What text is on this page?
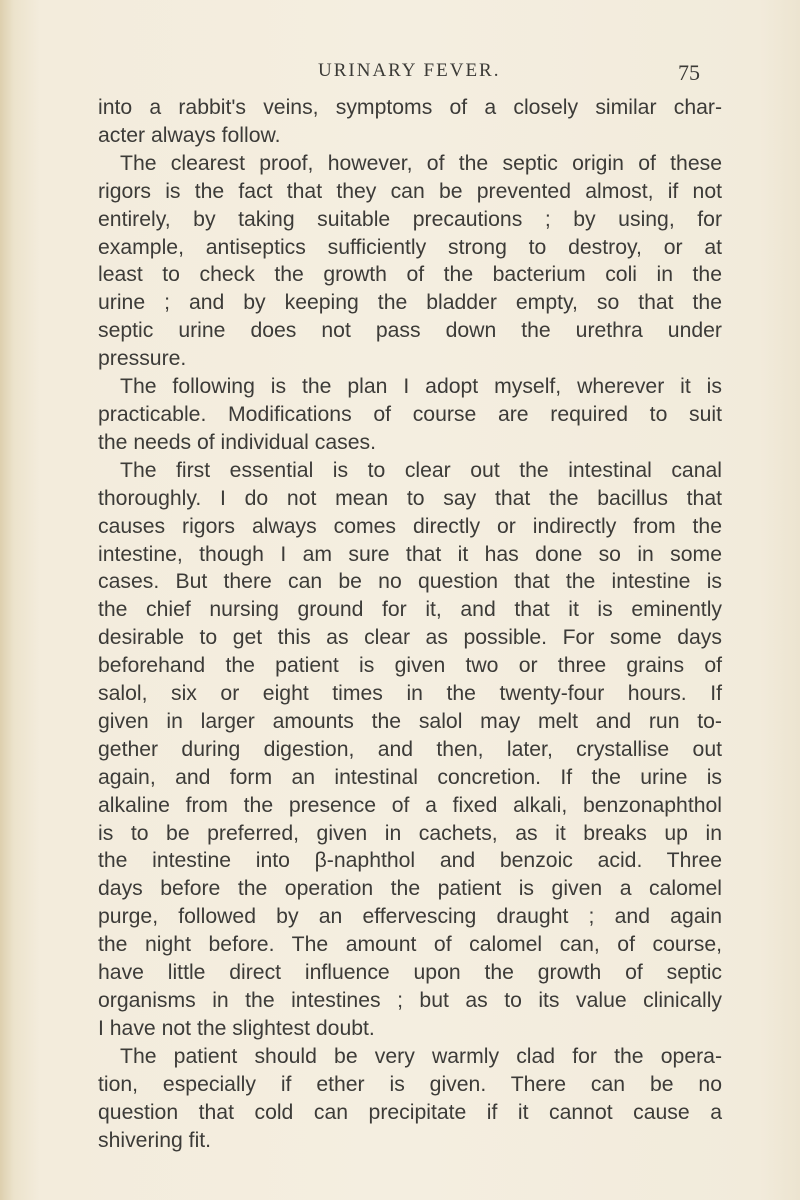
URINARY FEVER.	75
into a rabbit's veins, symptoms of a closely similar char-
acter always follow.
The clearest proof, however, of the septic origin of these
rigors is the fact that they can be prevented almost, if not
entirely, by taking suitable precautions ; by using, for
example, antiseptics sufficiently strong to destroy, or at
least to check the growth of the bacterium coli in the
urine ; and by keeping the bladder empty, so that the
septic urine does not pass down the urethra under
pressure.
The following is the plan I adopt myself, wherever it is
practicable. Modifications of course are required to suit
the needs of individual cases.
The first essential is to clear out the intestinal canal
thoroughly. I do not mean to say that the bacillus that
causes rigors always comes directly or indirectly from the
intestine, though I am sure that it has done so in some
cases. But there can be no question that the intestine is
the chief nursing ground for it, and that it is eminently
desirable to get this as clear as possible. For some days
beforehand the patient is given two or three grains of
salol, six or eight times in the twenty-four hours. If
given in larger amounts the salol may melt and run to-
gether during digestion, and then, later, crystallise out
again, and form an intestinal concretion. If the urine is
alkaline from the presence of a fixed alkali, benzonaphthol
is to be preferred, given in cachets, as it breaks up in
the intestine into β-naphthol and benzoic acid. Three
days before the operation the patient is given a calomel
purge, followed by an effervescing draught ; and again
the night before. The amount of calomel can, of course,
have little direct influence upon the growth of septic
organisms in the intestines ; but as to its value clinically
I have not the slightest doubt.
The patient should be very warmly clad for the opera-
tion, especially if ether is given. There can be no
question that cold can precipitate if it cannot cause a
shivering fit.
